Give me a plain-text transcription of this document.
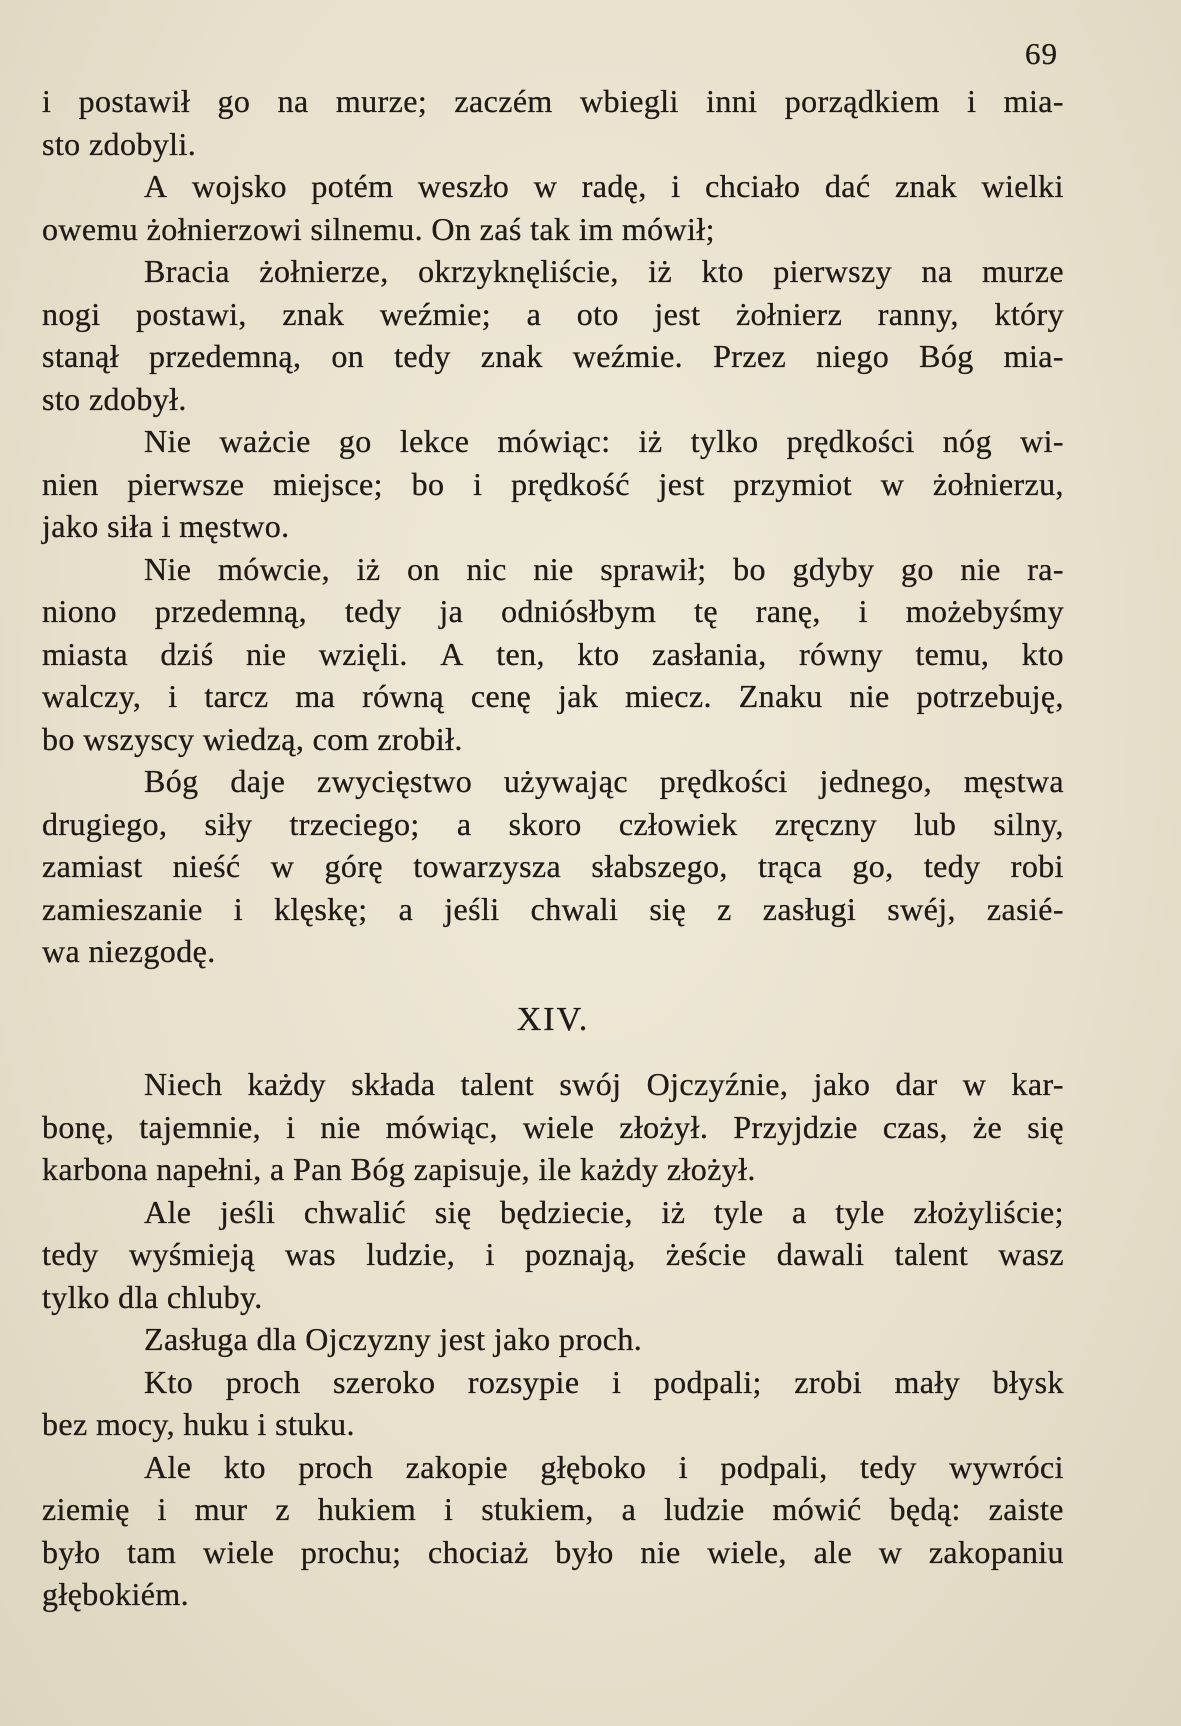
69
i postawił go na murze; zaczém wbiegli inni porządkiem i mia-
sto zdobyli.
A wojsko potém weszło w radę, i chciało dać znak wielki
owemu żołnierzowi silnemu. On zaś tak im mówił;
Bracia żołnierze, okrzyknęliście, iż kto pierwszy na murze
nogi postawi, znak weźmie; a oto jest żołnierz ranny, który
stanął przedemną, on tedy znak weźmie. Przez niego Bóg mia-
sto zdobył.
Nie ważcie go lekce mówiąc: iż tylko prędkości nóg wi-
nien pierwsze miejsce; bo i prędkość jest przymiot w żołnierzu,
jako siła i męstwo.
Nie mówcie, iż on nic nie sprawił; bo gdyby go nie ra-
niono przedemną, tedy ja odniósłbym tę ranę, i możebyśmy
miasta dziś nie wzięli. A ten, kto zasłania, równy temu, kto
walczy, i tarcz ma równą cenę jak miecz. Znaku nie potrzebuję,
bo wszyscy wiedzą, com zrobił.
Bóg daje zwycięstwo używając prędkości jednego, męstwa
drugiego, siły trzeciego; a skoro człowiek zręczny lub silny,
zamiast nieść w górę towarzysza słabszego, trąca go, tedy robi
zamieszanie i klęskę; a jeśli chwali się z zasługi swéj, zasié-
wa niezgodę.
XIV.
Niech każdy składa talent swój Ojczyźnie, jako dar w kar-
bonę, tajemnie, i nie mówiąc, wiele złożył. Przyjdzie czas, że się
karbona napełni, a Pan Bóg zapisuje, ile każdy złożył.
Ale jeśli chwalić się będziecie, iż tyle a tyle złożyliście;
tedy wyśmieją was ludzie, i poznają, żeście dawali talent wasz
tylko dla chluby.
Zasługa dla Ojczyzny jest jako proch.
Kto proch szeroko rozsypie i podpali; zrobi mały błysk
bez mocy, huku i stuku.
Ale kto proch zakopie głęboko i podpali, tedy wywróci
ziemię i mur z hukiem i stukiem, a ludzie mówić będą: zaiste
było tam wiele prochu; chociaż było nie wiele, ale w zakopaniu
głębokiém.
